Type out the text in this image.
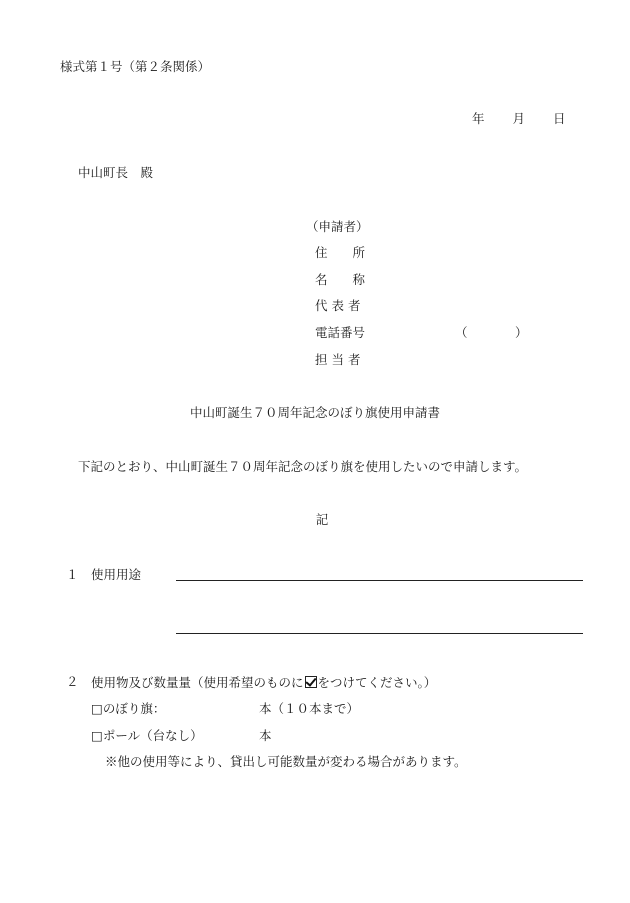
様式第１号（第２条関係）
年 月 日
中山町長　殿
（申請者）
住　　所
名　　称
代 表 者
電話番号	（	）
担 当 者
中山町誕生７０周年記念のぼり旗使用申請書
下記のとおり、中山町誕生７０周年記念のぼり旗を使用したいので申請します。
記
１ 使用用途
２ 使用物及び数量量（使用希望のものに をつけてください。）
□のぼり旗：	本（１０本まで）
□ポール（台なし）	本
※他の使用等により、貸出し可能数量が変わる場合があります。
